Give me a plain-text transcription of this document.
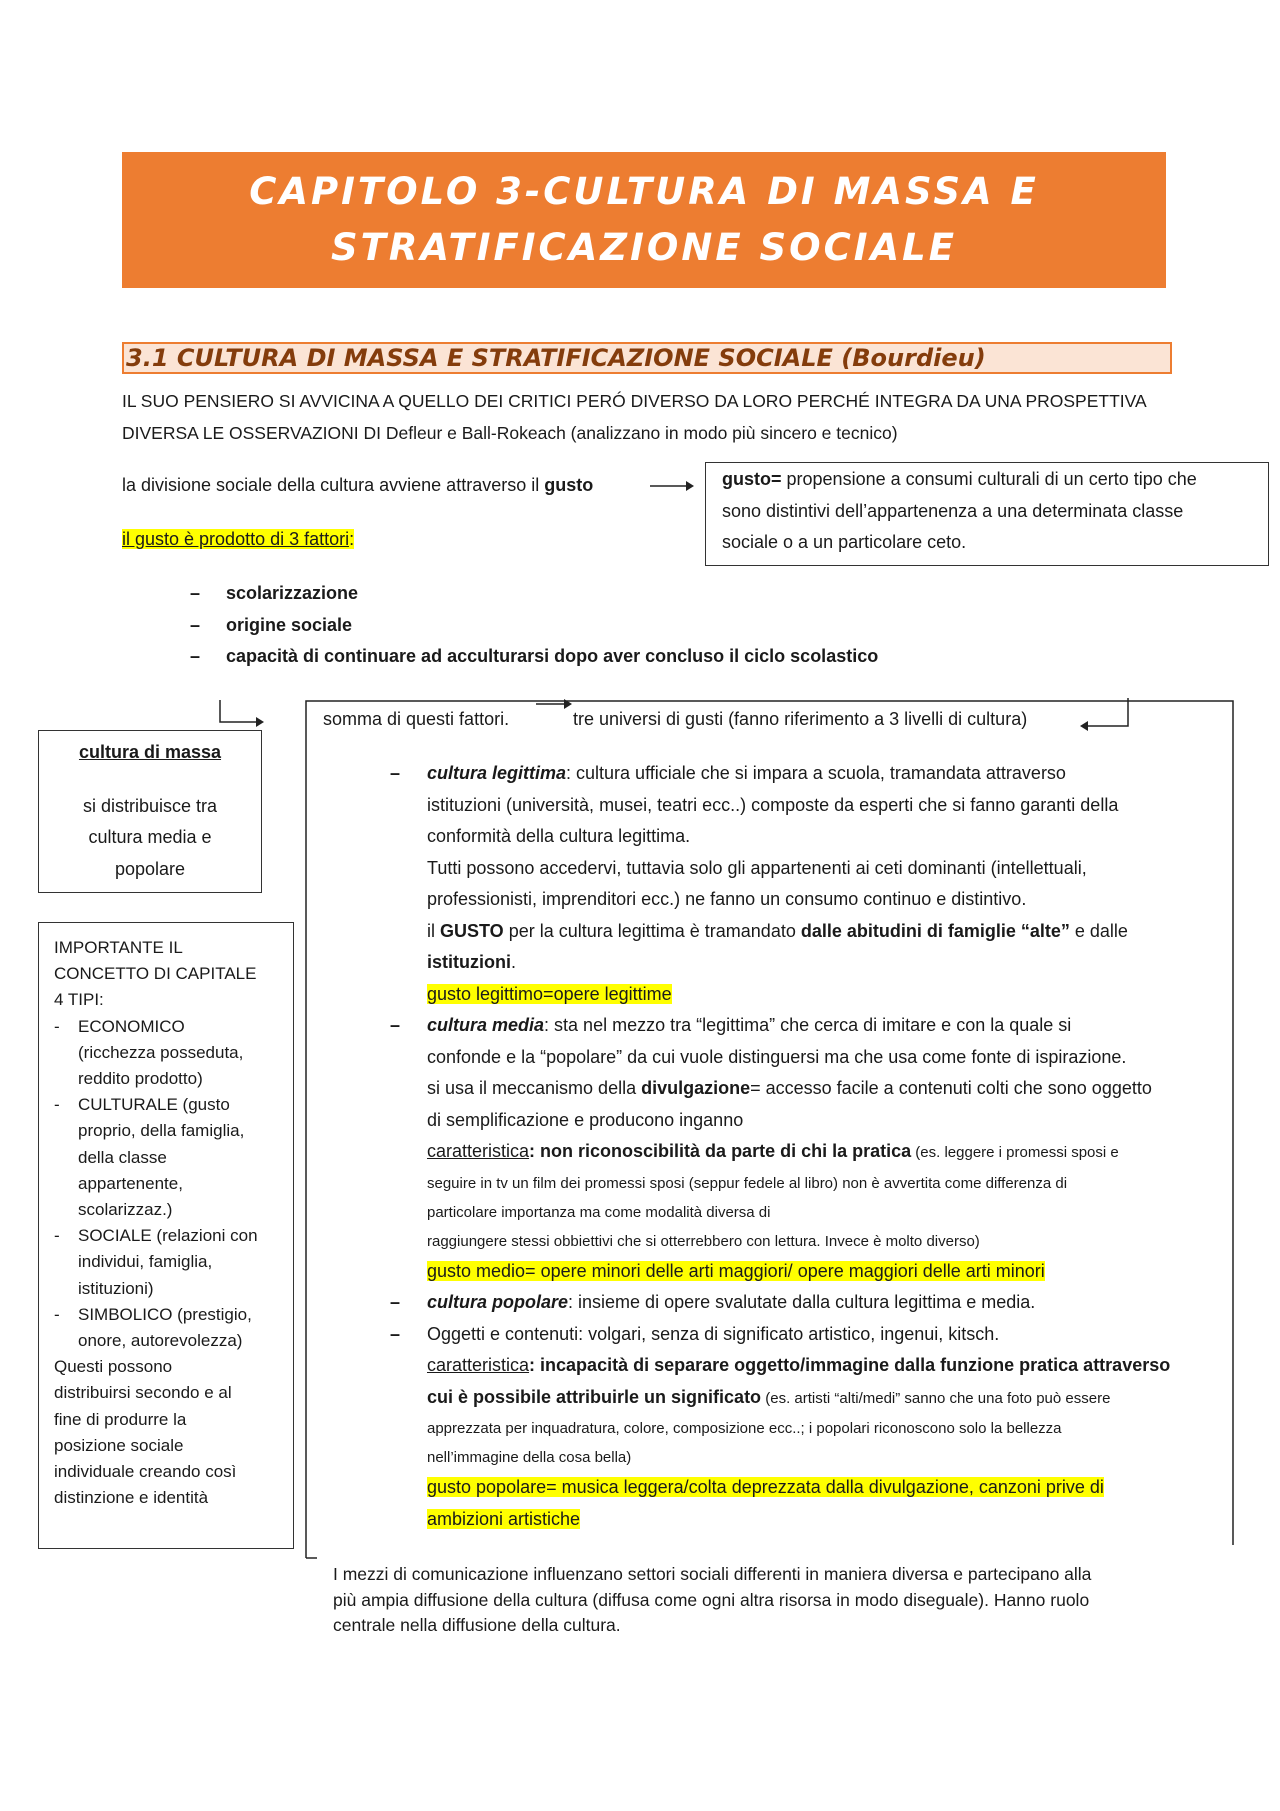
CAPITOLO 3-CULTURA DI MASSA E
STRATIFICAZIONE SOCIALE
3.1 CULTURA DI MASSA E STRATIFICAZIONE SOCIALE (Bourdieu)
IL SUO PENSIERO SI AVVICINA A QUELLO DEI CRITICI PERÓ DIVERSO DA LORO PERCHÉ INTEGRA DA UNA PROSPETTIVA
DIVERSA LE OSSERVAZIONI DI Defleur e Ball-Rokeach (analizzano in modo più sincero e tecnico)
la divisione sociale della cultura avviene attraverso il gusto	gusto= propensione a consumi culturali di un certo tipo che
sono distintivi dell’appartenenza a una determinata classe
sociale o a un particolare ceto.
il gusto è prodotto di 3 fattori:
– scolarizzazione
– origine sociale
– capacità di continuare ad acculturarsi dopo aver concluso il ciclo scolastico
cultura di massa
si distribuisce tra
cultura media e
popolare
IMPORTANTE IL
CONCETTO DI CAPITALE
4 TIPI:
-	ECONOMICO
(ricchezza posseduta,
reddito prodotto)
-	CULTURALE (gusto
proprio, della famiglia,
della classe
appartenente,
scolarizzaz.)
-	SOCIALE (relazioni con
individui, famiglia,
istituzioni)
-	SIMBOLICO (prestigio,
onore, autorevolezza)
Questi possono
distribuirsi secondo e al
fine di produrre la
posizione sociale
individuale creando così
distinzione e identità
somma di questi fattori.	tre universi di gusti (fanno riferimento a 3 livelli di cultura)
–	cultura legittima: cultura ufficiale che si impara a scuola, tramandata attraverso
istituzioni (università, musei, teatri ecc..) composte da esperti che si fanno garanti della
conformità della cultura legittima.
Tutti possono accedervi, tuttavia solo gli appartenenti ai ceti dominanti (intellettuali,
professionisti, imprenditori ecc.) ne fanno un consumo continuo e distintivo.
il GUSTO per la cultura legittima è tramandato dalle abitudini di famiglie “alte” e dalle
istituzioni.
gusto legittimo=opere legittime
–	cultura media: sta nel mezzo tra “legittima” che cerca di imitare e con la quale si
confonde e la “popolare” da cui vuole distinguersi ma che usa come fonte di ispirazione.
si usa il meccanismo della divulgazione= accesso facile a contenuti colti che sono oggetto
di semplificazione e producono inganno
caratteristica: non riconoscibilità da parte di chi la pratica (es. leggere i promessi sposi e
seguire in tv un film dei promessi sposi (seppur fedele al libro) non è avvertita come differenza di
particolare importanza ma come modalità diversa di
raggiungere stessi obbiettivi che si otterrebbero con lettura. Invece è molto diverso)
gusto medio= opere minori delle arti maggiori/ opere maggiori delle arti minori
–	cultura popolare: insieme di opere svalutate dalla cultura legittima e media.
–	Oggetti e contenuti: volgari, senza di significato artistico, ingenui, kitsch.
caratteristica: incapacità di separare oggetto/immagine dalla funzione pratica attraverso
cui è possibile attribuirle un significato (es. artisti “alti/medi” sanno che una foto può essere
apprezzata per inquadratura, colore, composizione ecc..; i popolari riconoscono solo la bellezza
nell’immagine della cosa bella)
gusto popolare= musica leggera/colta deprezzata dalla divulgazione, canzoni prive di
ambizioni artistiche
I mezzi di comunicazione influenzano settori sociali differenti in maniera diversa e partecipano alla
più ampia diffusione della cultura (diffusa come ogni altra risorsa in modo diseguale). Hanno ruolo
centrale nella diffusione della cultura.
